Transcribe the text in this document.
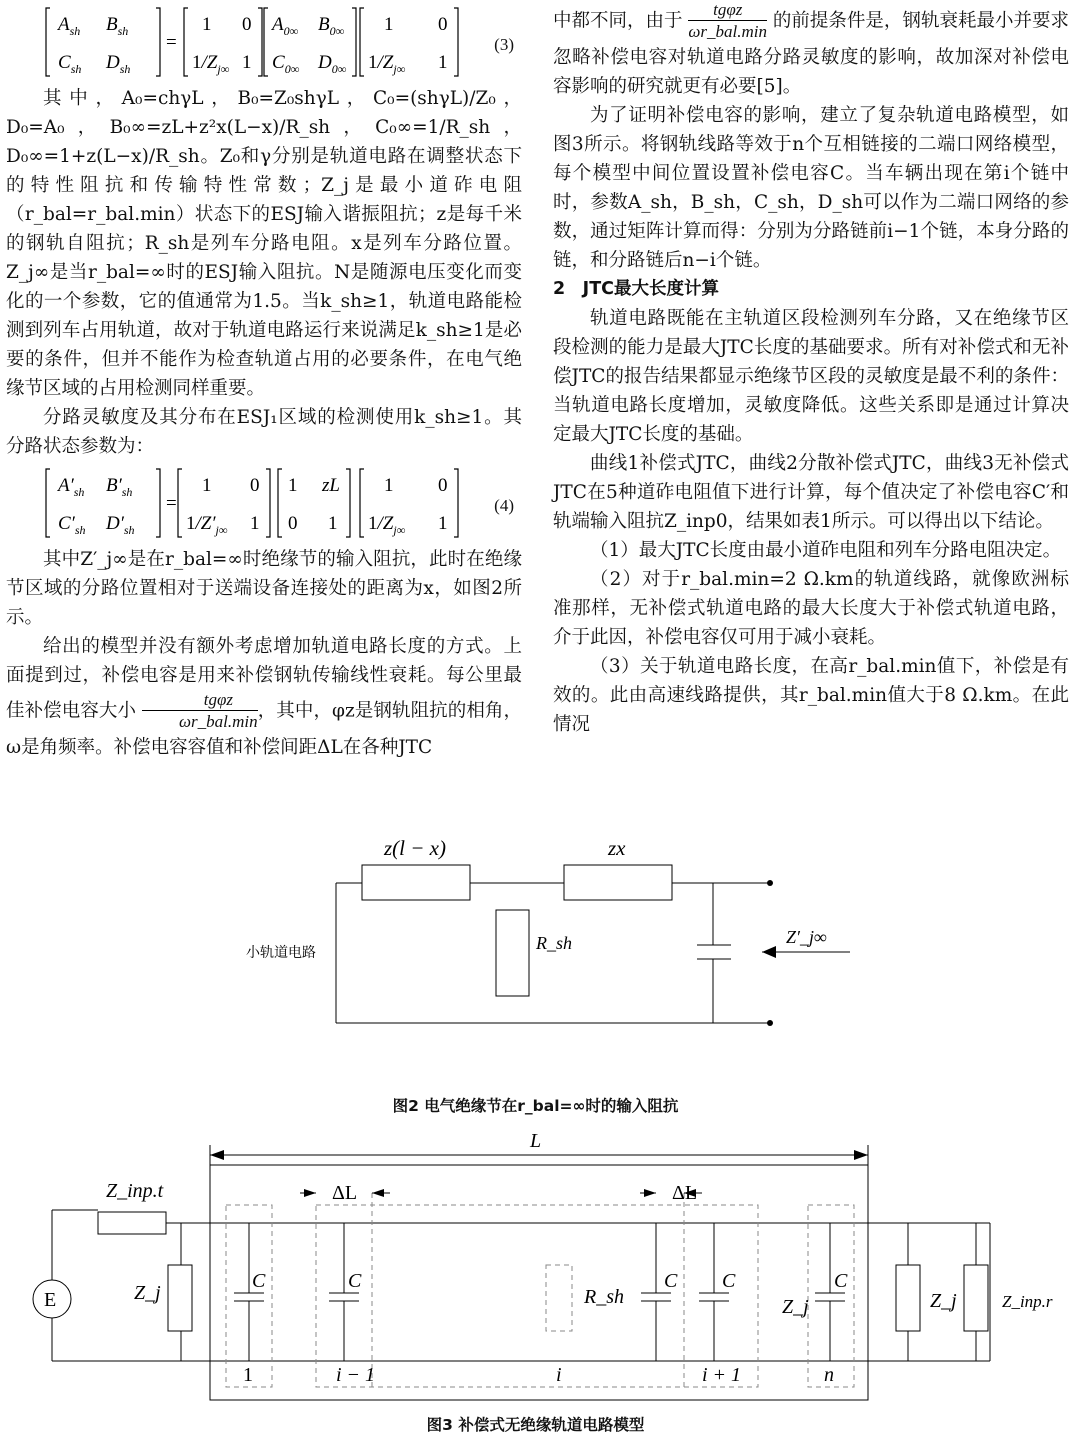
$A_{sh}$ $B_{sh}$
$C_{sh}$ $D_{sh}$
=
1 0
$1/Z_{j\infty}$ 1
$A_{0\infty}$ $B_{0\infty}$
$C_{0\infty}$ $D_{0\infty}$
1 0
$1/Z_{j\infty}$ 1
(3)

其中，A₀=chγL，B₀=Z₀shγL，C₀=(shγL)/Z₀，D₀=A₀，B₀∞=zL+z²x(L−x)/R_sh，C₀∞=1/R_sh，D₀∞=1+z(L−x)/R_sh。Z₀和γ分别是轨道电路在调整状态下的特性阻抗和传输特性常数；Z_j是最小道砟电阻（r_bal=r_bal.min）状态下的ESJ输入谐振阻抗；z是每千米的钢轨自阻抗；R_sh是列车分路电阻。x是列车分路位置。Z_j∞是当r_bal=∞时的ESJ输入阻抗。N是随源电压变化而变化的一个参数，它的值通常为1.5。当k_sh≥1，轨道电路能检测到列车占用轨道，故对于轨道电路运行来说满足k_sh≥1是必要的条件，但并不能作为检查轨道占用的必要条件，在电气绝缘节区域的占用检测同样重要。

分路灵敏度及其分布在ESJ₁区域的检测使用k_sh≥1。其分路状态参数为：

$A'_{sh}$ $B'_{sh}$
$C'_{sh}$ $D'_{sh}$
=
1 0
$1/Z'_{j\infty}$ 1
1 zL
0 1
1 0
$1/Z_{j\infty}$ 1
(4)

其中Z′_j∞是在r_bal=∞时绝缘节的输入阻抗，此时在绝缘节区域的分路位置相对于送端设备连接处的距离为x，如图2所示。

给出的模型并没有额外考虑增加轨道电路长度的方式。上面提到过，补偿电容是用来补偿钢轨传输线性衰耗。每公里最佳补偿电容大小 $\frac{\text{tgφz}}{\text{ωr\_bal.min}}$ ，其中，φz是钢轨阻抗的相角，ω是角频率。补偿电容容值和补偿间距ΔL在各种JTC

中都不同，由于 $\frac{\text{tgφz}}{\text{ωr\_bal.min}}$ 的前提条件是，钢轨衰耗最小并要求忽略补偿电容对轨道电路分路灵敏度的影响，故加深对补偿电容影响的研究就更有必要[5]。

为了证明补偿电容的影响，建立了复杂轨道电路模型，如图3所示。将钢轨线路等效于n个互相链接的二端口网络模型，每个模型中间位置设置补偿电容C。当车辆出现在第i个链中时，参数A_sh，B_sh，C_sh，D_sh可以作为二端口网络的参数，通过矩阵计算而得：分别为分路链前i−1个链，本身分路的链，和分路链后n−i个链。

2　JTC最大长度计算

轨道电路既能在主轨道区段检测列车分路，又在绝缘节区段检测的能力是最大JTC长度的基础要求。所有对补偿式和无补偿JTC的报告结果都显示绝缘节区段的灵敏度是最不利的条件：当轨道电路长度增加，灵敏度降低。这些关系即是通过计算决定最大JTC长度的基础。

曲线1补偿式JTC，曲线2分散补偿式JTC，曲线3无补偿式JTC在5种道砟电阻值下进行计算，每个值决定了补偿电容C′和轨端输入阻抗Z_inp0，结果如表1所示。可以得出以下结论。

（1）最大JTC长度由最小道砟电阻和列车分路电阻决定。

（2）对于r_bal.min=2 Ω.km的轨道线路，就像欧洲标准那样，无补偿式轨道电路的最大长度大于补偿式轨道电路，介于此因，补偿电容仅可用于减小衰耗。

（3）关于轨道电路长度，在高r_bal.min值下，补偿是有效的。此由高速线路提供，其r_bal.min值大于8 Ω.km。在此情况

z(l − x)	zx
R_sh	Z′_j∞
小轨道电路
图2 电气绝缘节在r_bal=∞时的输入阻抗
L
ΔL	ΔL
Z_inp.t
E	Z_j
C	C
R_sh
C C
Z_j
C
Z_j	Z_inp.r
1	i − 1	i	i + 1	n
图3 补偿式无绝缘轨道电路模型
